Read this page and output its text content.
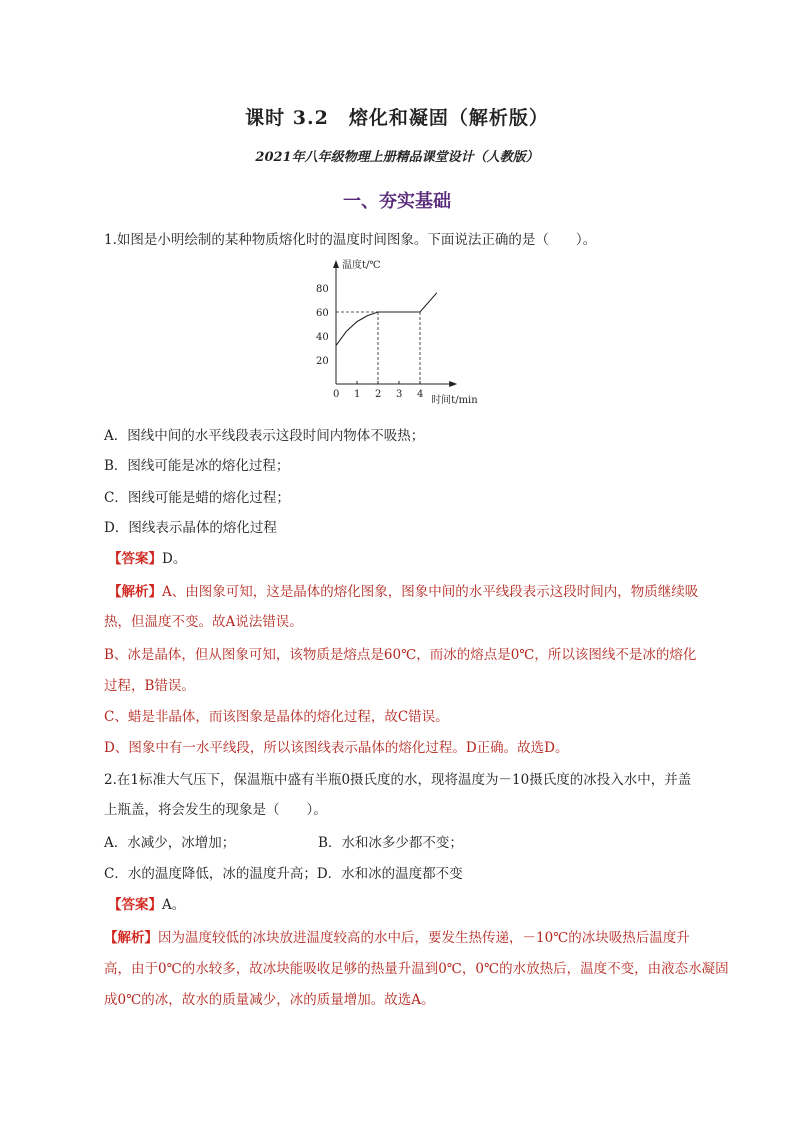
课时 3.2　熔化和凝固（解析版）
2021年八年级物理上册精品课堂设计（人教版）
一、夯实基础
1.如图是小明绘制的某种物质熔化时的温度时间图象。下面说法正确的是（　　）。
温度t/℃
时间t/min
0 1 2 3 4
20
40
60
80
A．图线中间的水平线段表示这段时间内物体不吸热；
B．图线可能是冰的熔化过程；
C．图线可能是蜡的熔化过程；
D．图线表示晶体的熔化过程
【答案】D。
【解析】A、由图象可知，这是晶体的熔化图象，图象中间的水平线段表示这段时间内，物质继续吸
热，但温度不变。故A说法错误。
B、冰是晶体，但从图象可知，该物质是熔点是60℃，而冰的熔点是0℃，所以该图线不是冰的熔化
过程，B错误。
C、蜡是非晶体，而该图象是晶体的熔化过程，故C错误。
D、图象中有一水平线段，所以该图线表示晶体的熔化过程。D正确。故选D。
2.在1标准大气压下，保温瓶中盛有半瓶0摄氏度的水，现将温度为－10摄氏度的冰投入水中，并盖
上瓶盖，将会发生的现象是（　　）。
A．水减少，冰增加；	B．水和冰多少都不变；
C．水的温度降低，冰的温度升高；D．水和冰的温度都不变
【答案】A。
【解析】因为温度较低的冰块放进温度较高的水中后，要发生热传递，－10℃的冰块吸热后温度升
高，由于0℃的水较多，故冰块能吸收足够的热量升温到0℃，0℃的水放热后，温度不变，由液态水凝固
成0℃的冰，故水的质量减少，冰的质量增加。故选A。
